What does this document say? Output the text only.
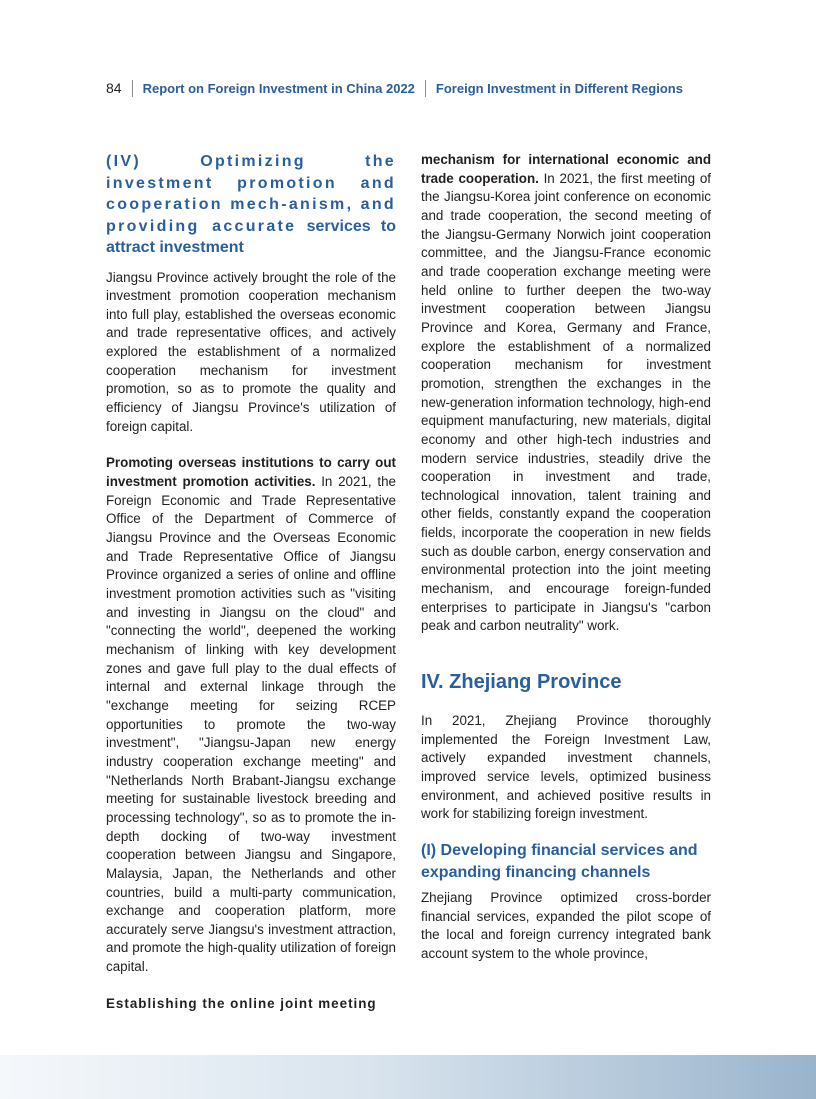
84 Report on Foreign Investment in China 2022 Foreign Investment in Different Regions
(IV) Optimizing the investment promotion and cooperation mech-anism, and providing accurate services to attract investment

Jiangsu Province actively brought the role of the investment promotion cooperation mechanism into full play, established the overseas economic and trade representative offices, and actively explored the establishment of a normalized cooperation mechanism for investment promotion, so as to promote the quality and efficiency of Jiangsu Province's utilization of foreign capital.

Promoting overseas institutions to carry out investment promotion activities. In 2021, the Foreign Economic and Trade Representative Office of the Department of Commerce of Jiangsu Province and the Overseas Economic and Trade Representative Office of Jiangsu Province organized a series of online and offline investment promotion activities such as "visiting and investing in Jiangsu on the cloud" and "connecting the world", deepened the working mechanism of linking with key development zones and gave full play to the dual effects of internal and external linkage through the "exchange meeting for seizing RCEP opportunities to promote the two-way investment", "Jiangsu-Japan new energy industry cooperation exchange meeting" and "Netherlands North Brabant-Jiangsu exchange meeting for sustainable livestock breeding and processing technology", so as to promote the in-depth docking of two-way investment cooperation between Jiangsu and Singapore, Malaysia, Japan, the Netherlands and other countries, build a multi-party communication, exchange and cooperation platform, more accurately serve Jiangsu's investment attraction, and promote the high-quality utilization of foreign capital.

Establishing the online joint meeting

mechanism for international economic and trade cooperation. In 2021, the first meeting of the Jiangsu-Korea joint conference on economic and trade cooperation, the second meeting of the Jiangsu-Germany Norwich joint cooperation committee, and the Jiangsu-France economic and trade cooperation exchange meeting were held online to further deepen the two-way investment cooperation between Jiangsu Province and Korea, Germany and France, explore the establishment of a normalized cooperation mechanism for investment promotion, strengthen the exchanges in the new-generation information technology, high-end equipment manufacturing, new materials, digital economy and other high-tech industries and modern service industries, steadily drive the cooperation in investment and trade, technological innovation, talent training and other fields, constantly expand the cooperation fields, incorporate the cooperation in new fields such as double carbon, energy conservation and environmental protection into the joint meeting mechanism, and encourage foreign-funded enterprises to participate in Jiangsu's "carbon peak and carbon neutrality" work.

IV. Zhejiang Province

In 2021, Zhejiang Province thoroughly implemented the Foreign Investment Law, actively expanded investment channels, improved service levels, optimized business environment, and achieved positive results in work for stabilizing foreign investment.

(I) Developing financial services and expanding financing channels

Zhejiang Province optimized cross-border financial services, expanded the pilot scope of the local and foreign currency integrated bank account system to the whole province,
